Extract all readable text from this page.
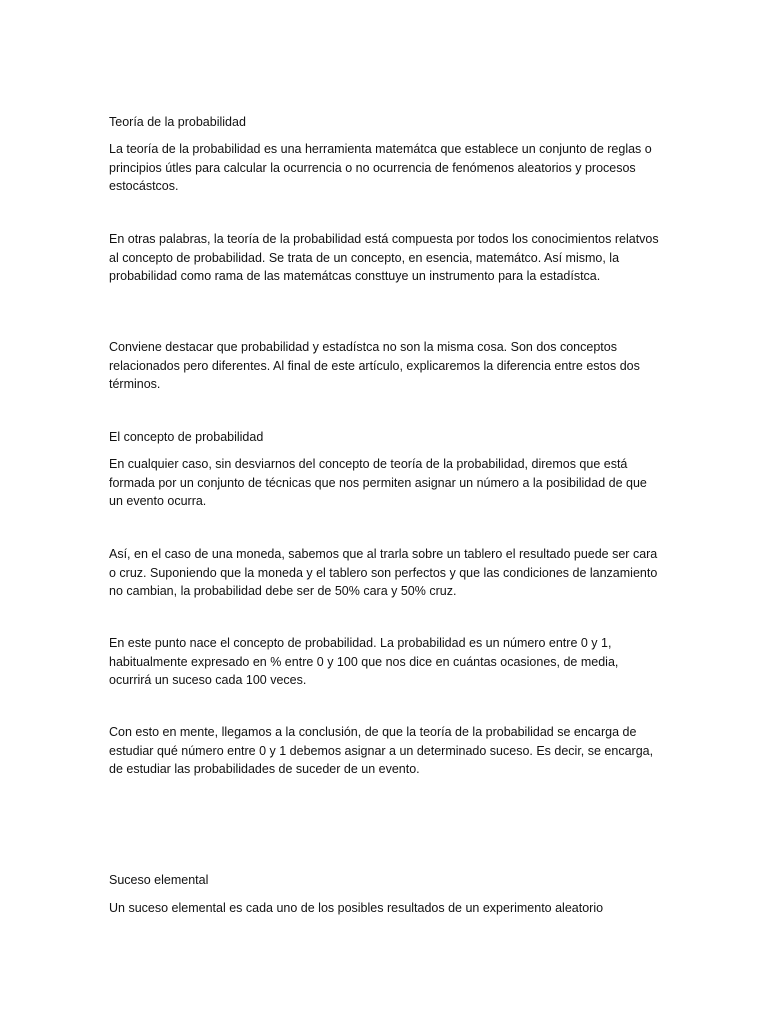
Teoría de la probabilidad
La teoría de la probabilidad es una herramienta matemátca que establece un conjunto de reglas o principios útles para calcular la ocurrencia o no ocurrencia de fenómenos aleatorios y procesos estocástcos.
En otras palabras, la teoría de la probabilidad está compuesta por todos los conocimientos relatvos al concepto de probabilidad. Se trata de un concepto, en esencia, matemátco. Así mismo, la probabilidad como rama de las matemátcas consttuye un instrumento para la estadístca.
Conviene destacar que probabilidad y estadístca no son la misma cosa. Son dos conceptos relacionados pero diferentes. Al final de este artículo, explicaremos la diferencia entre estos dos términos.
El concepto de probabilidad
En cualquier caso, sin desviarnos del concepto de teoría de la probabilidad, diremos que está formada por un conjunto de técnicas que nos permiten asignar un número a la posibilidad de que un evento ocurra.
Así, en el caso de una moneda, sabemos que al trarla sobre un tablero el resultado puede ser cara o cruz. Suponiendo que la moneda y el tablero son perfectos y que las condiciones de lanzamiento no cambian, la probabilidad debe ser de 50% cara y 50% cruz.
En este punto nace el concepto de probabilidad. La probabilidad es un número entre 0 y 1, habitualmente expresado en % entre 0 y 100 que nos dice en cuántas ocasiones, de media, ocurrirá un suceso cada 100 veces.
Con esto en mente, llegamos a la conclusión, de que la teoría de la probabilidad se encarga de estudiar qué número entre 0 y 1 debemos asignar a un determinado suceso. Es decir, se encarga, de estudiar las probabilidades de suceder de un evento.
Suceso elemental
Un suceso elemental es cada uno de los posibles resultados de un experimento aleatorio
